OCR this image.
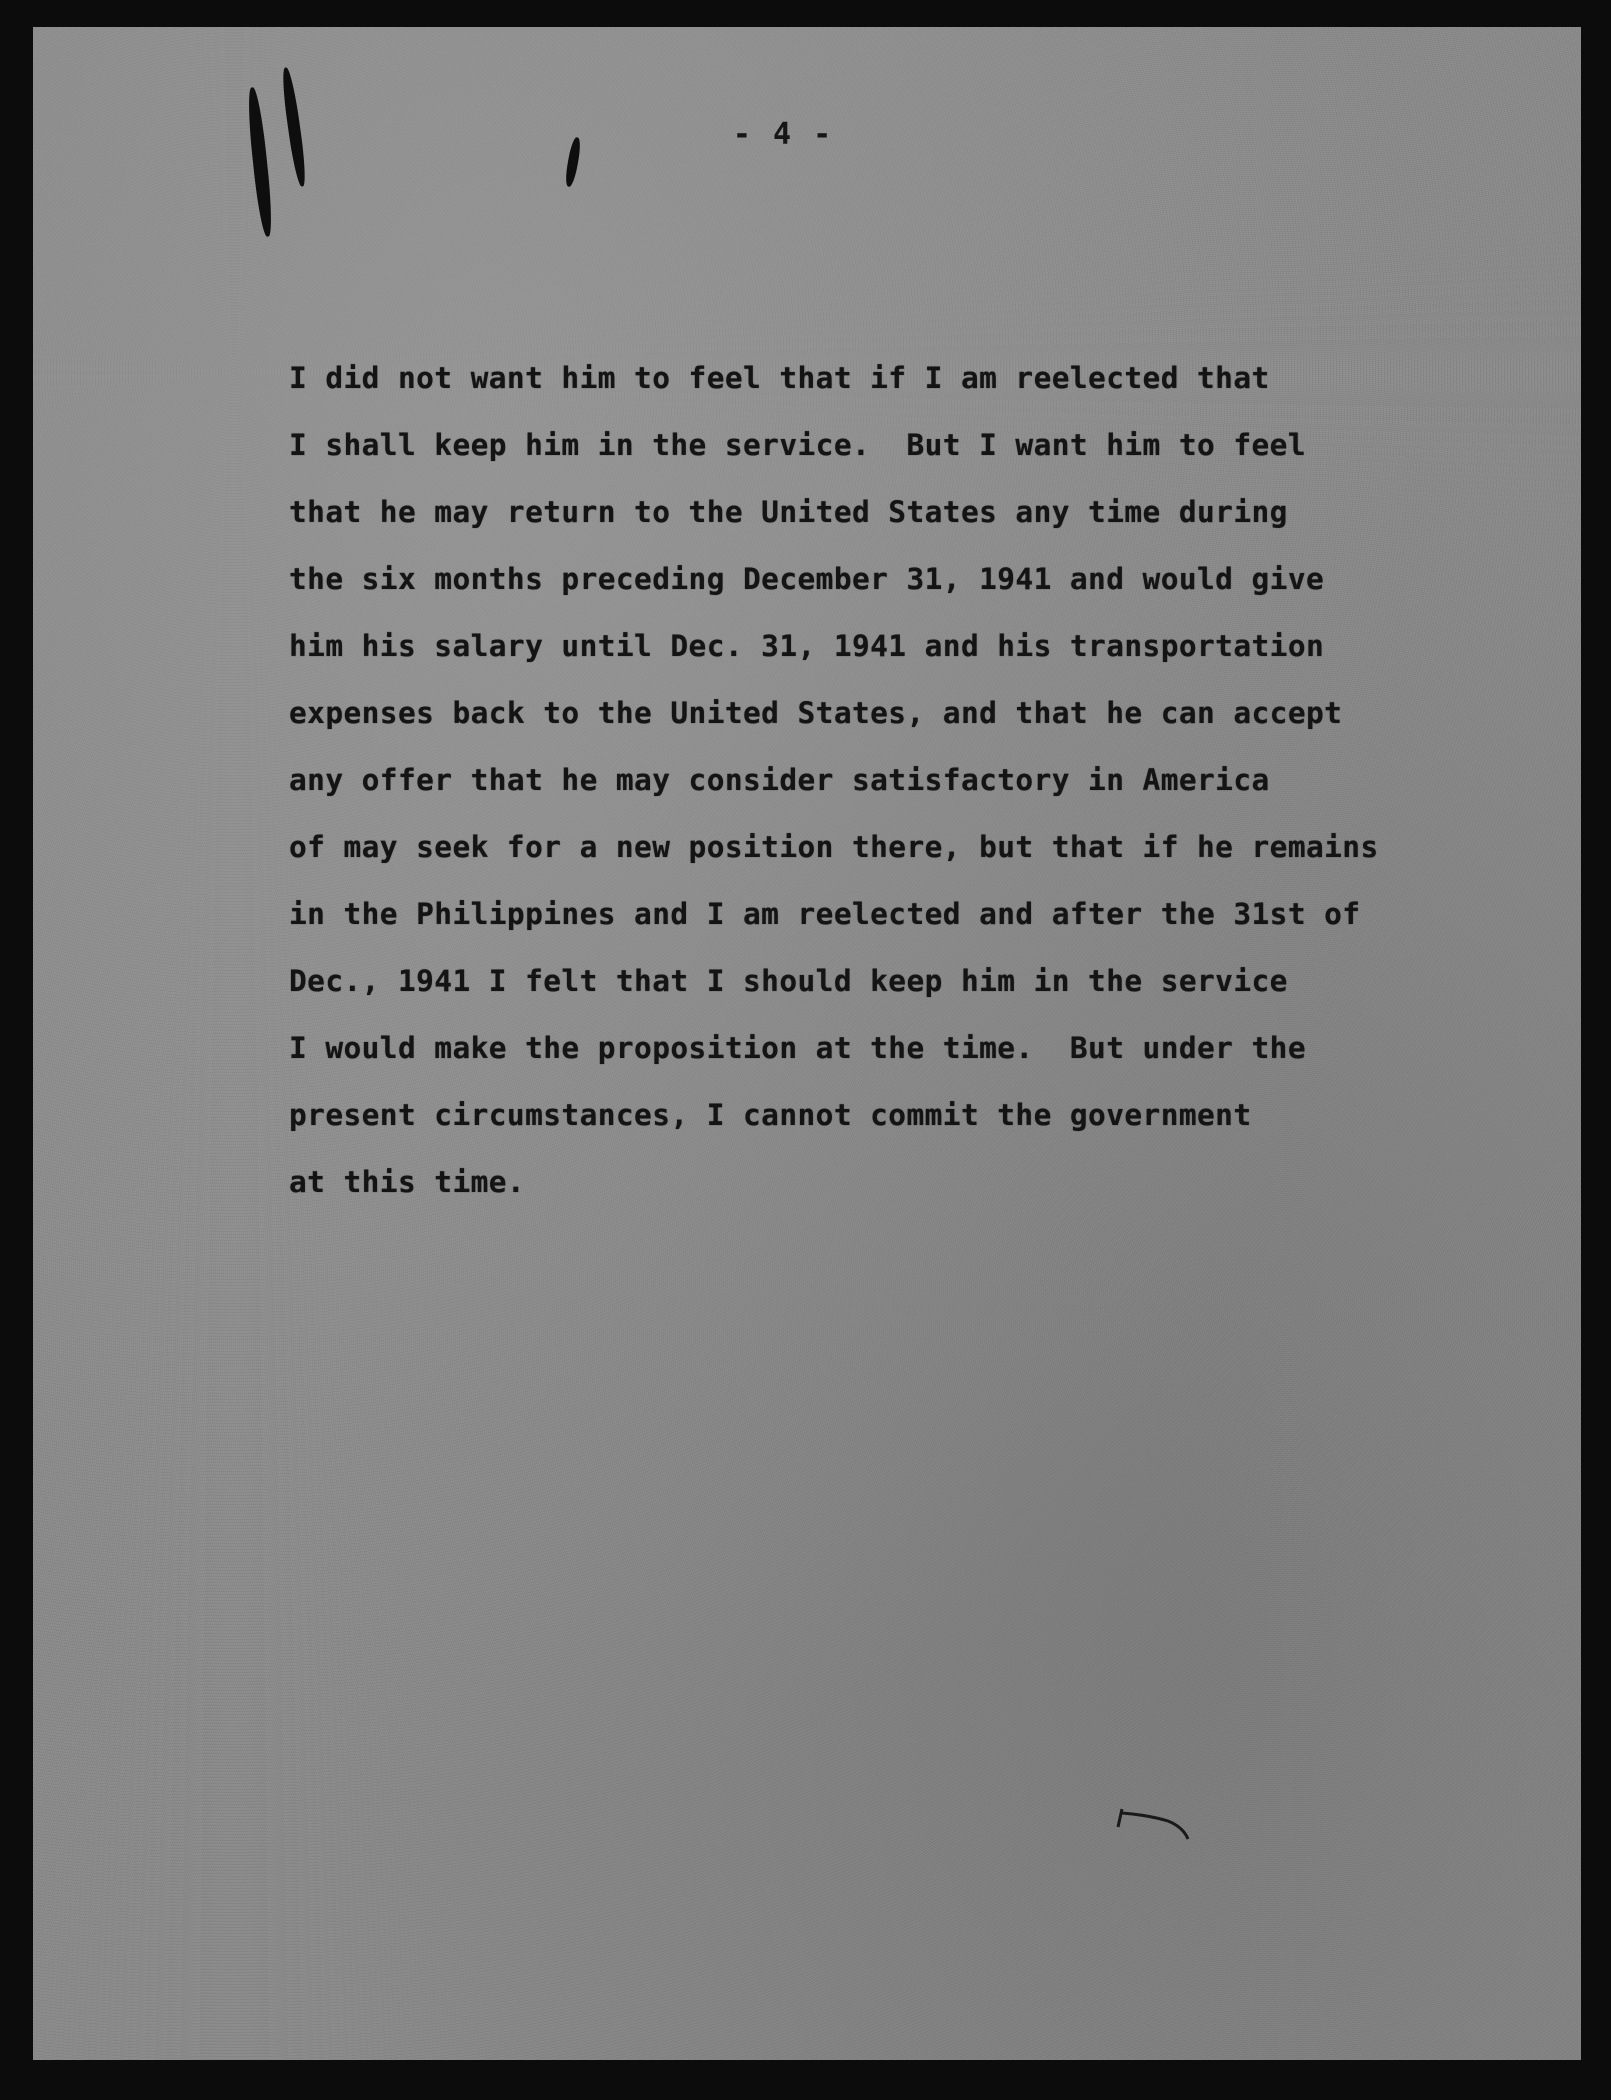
- 4 -
I did not want him to feel that if I am reelected that
I shall keep him in the service.  But I want him to feel
that he may return to the United States any time during
the six months preceding December 31, 1941 and would give
him his salary until Dec. 31, 1941 and his transportation
expenses back to the United States, and that he can accept
any offer that he may consider satisfactory in America
of may seek for a new position there, but that if he remains
in the Philippines and I am reelected and after the 31st of
Dec., 1941 I felt that I should keep him in the service
I would make the proposition at the time.  But under the
present circumstances, I cannot commit the government
at this time.
